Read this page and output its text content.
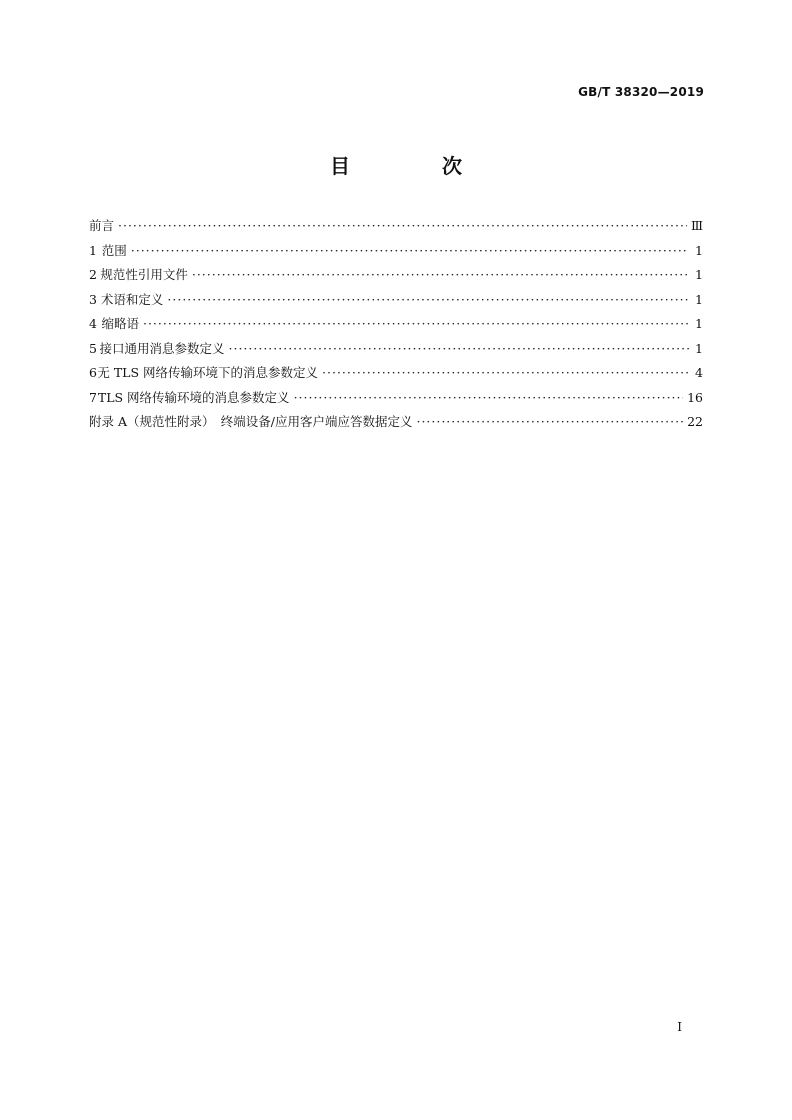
GB/T 38320—2019
目　次
前言 ·····	Ⅲ
1 范围 ·····	1
2 规范性引用文件 ·····	1
3 术语和定义 ·····	1
4 缩略语 ·····	1
5 接口通用消息参数定义 ·····	1
6 无 TLS 网络传输环境下的消息参数定义 ·····	4
7 TLS 网络传输环境的消息参数定义 ·····	16
附录 A（规范性附录）　终端设备/应用客户端应答数据定义 ·····	22
Ⅰ
